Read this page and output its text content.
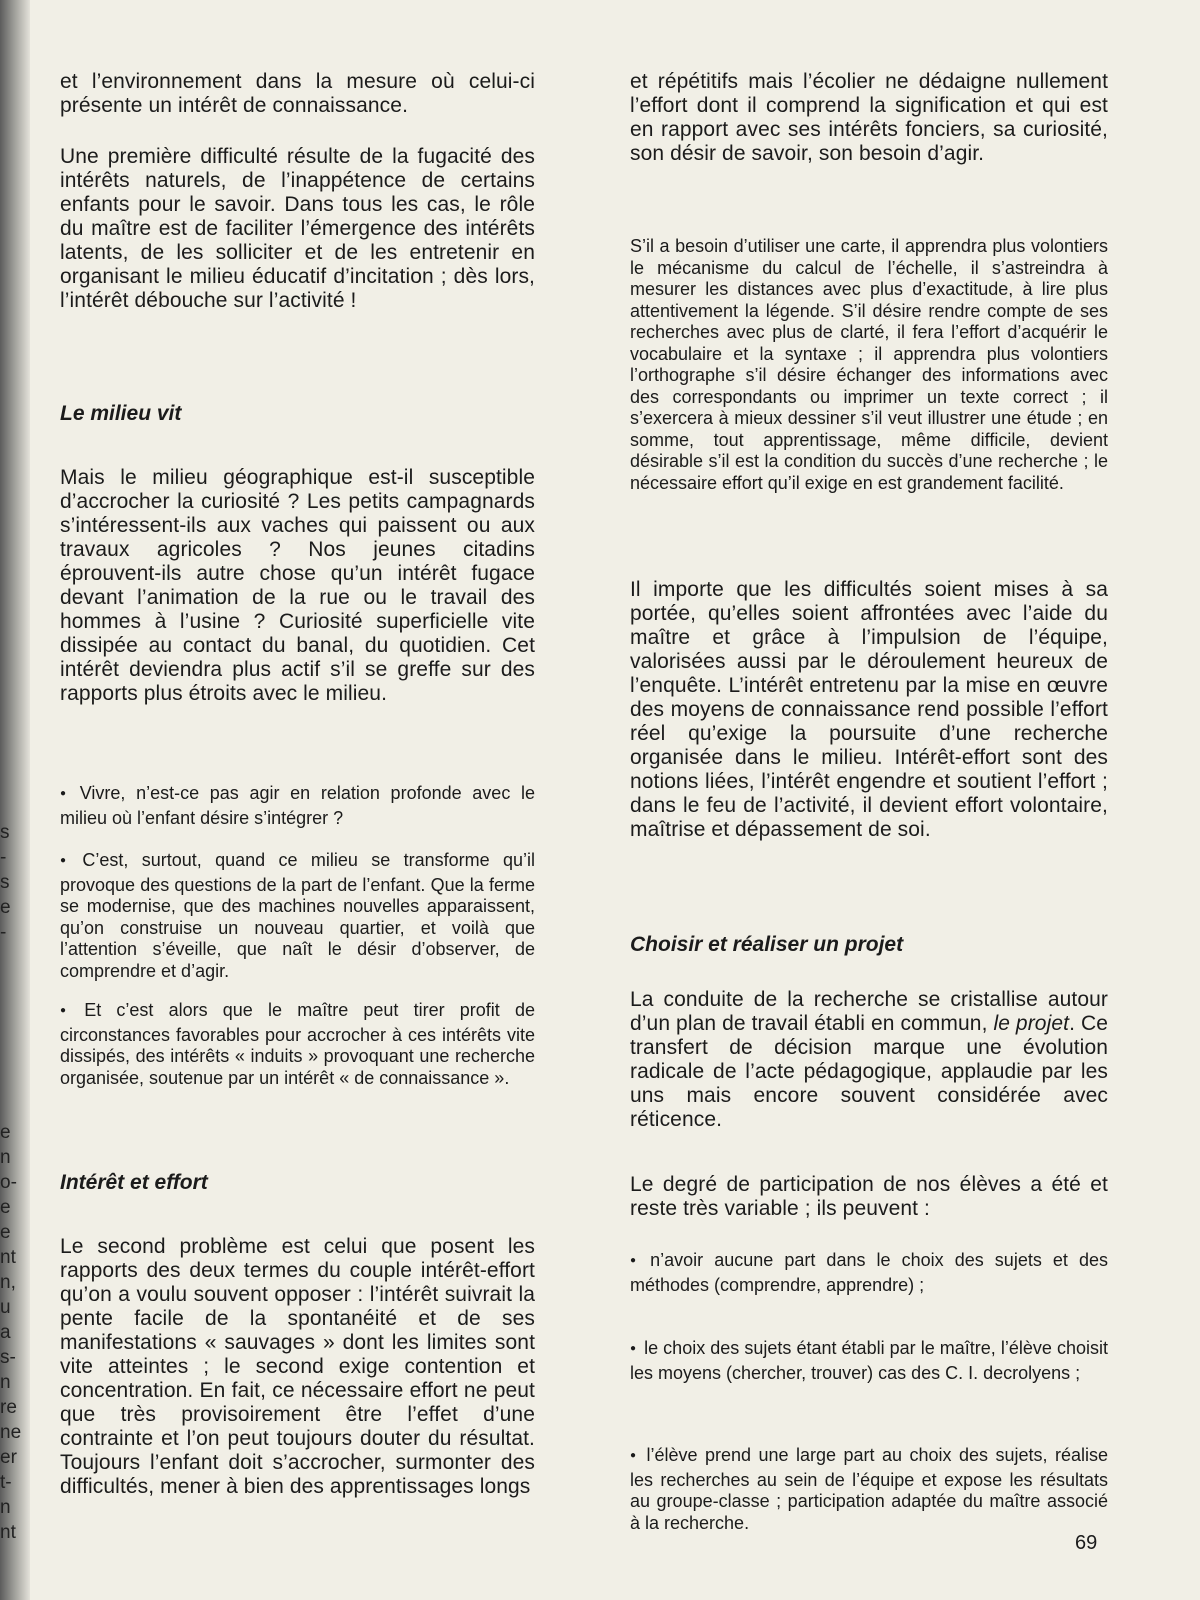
s
-
s
e
-

e
n
o-
e
e
nt
n,
u
a
s-
n
re
ne
er
t-
n
nt

et l’environnement dans la mesure où celui-ci présente un intérêt de connaissance.

Une première difficulté résulte de la fugacité des intérêts naturels, de l’inappétence de certains enfants pour le savoir. Dans tous les cas, le rôle du maître est de faciliter l’émergence des intérêts latents, de les solliciter et de les entretenir en organisant le milieu éducatif d’incitation ; dès lors, l’intérêt débouche sur l’activité !

Le milieu vit

Mais le milieu géographique est-il susceptible d’accrocher la curiosité ? Les petits campagnards s’intéressent-ils aux vaches qui paissent ou aux travaux agricoles ? Nos jeunes citadins éprouvent-ils autre chose qu’un intérêt fugace devant l’animation de la rue ou le travail des hommes à l’usine ? Curiosité superficielle vite dissipée au contact du banal, du quotidien. Cet intérêt deviendra plus actif s’il se greffe sur des rapports plus étroits avec le milieu.

● Vivre, n’est-ce pas agir en relation profonde avec le milieu où l’enfant désire s’intégrer ?

● C’est, surtout, quand ce milieu se transforme qu’il provoque des questions de la part de l’enfant. Que la ferme se modernise, que des machines nouvelles apparaissent, qu’on construise un nouveau quartier, et voilà que l’attention s’éveille, que naît le désir d’observer, de comprendre et d’agir.

● Et c’est alors que le maître peut tirer profit de circonstances favorables pour accrocher à ces intérêts vite dissipés, des intérêts « induits » provoquant une recherche organisée, soutenue par un intérêt « de connaissance ».

Intérêt et effort

Le second problème est celui que posent les rapports des deux termes du couple intérêt-effort qu’on a voulu souvent opposer : l’intérêt suivrait la pente facile de la spontanéité et de ses manifestations « sauvages » dont les limites sont vite atteintes ; le second exige contention et concentration. En fait, ce nécessaire effort ne peut que très provisoirement être l’effet d’une contrainte et l’on peut toujours douter du résultat. Toujours l’enfant doit s’accrocher, surmonter des difficultés, mener à bien des apprentissages longs

et répétitifs mais l’écolier ne dédaigne nullement l’effort dont il comprend la signification et qui est en rapport avec ses intérêts fonciers, sa curiosité, son désir de savoir, son besoin d’agir.

S’il a besoin d’utiliser une carte, il apprendra plus volontiers le mécanisme du calcul de l’échelle, il s’astreindra à mesurer les distances avec plus d’exactitude, à lire plus attentivement la légende. S’il désire rendre compte de ses recherches avec plus de clarté, il fera l’effort d’acquérir le vocabulaire et la syntaxe ; il apprendra plus volontiers l’orthographe s’il désire échanger des informations avec des correspondants ou imprimer un texte correct ; il s’exercera à mieux dessiner s’il veut illustrer une étude ; en somme, tout apprentissage, même difficile, devient désirable s’il est la condition du succès d’une recherche ; le nécessaire effort qu’il exige en est grandement facilité.

Il importe que les difficultés soient mises à sa portée, qu’elles soient affrontées avec l’aide du maître et grâce à l’impulsion de l’équipe, valorisées aussi par le déroulement heureux de l’enquête. L’intérêt entretenu par la mise en œuvre des moyens de connaissance rend possible l’effort réel qu’exige la poursuite d’une recherche organisée dans le milieu. Intérêt-effort sont des notions liées, l’intérêt engendre et soutient l’effort ; dans le feu de l’activité, il devient effort volontaire, maîtrise et dépassement de soi.

Choisir et réaliser un projet

La conduite de la recherche se cristallise autour d’un plan de travail établi en commun, le projet. Ce transfert de décision marque une évolution radicale de l’acte pédagogique, applaudie par les uns mais encore souvent considérée avec réticence.

Le degré de participation de nos élèves a été et reste très variable ; ils peuvent :

● n’avoir aucune part dans le choix des sujets et des méthodes (comprendre, apprendre) ;

● le choix des sujets étant établi par le maître, l’élève choisit les moyens (chercher, trouver) cas des C. I. decrolyens ;

● l’élève prend une large part au choix des sujets, réalise les recherches au sein de l’équipe et expose les résultats au groupe-classe ; participation adaptée du maître associé à la recherche.

69
